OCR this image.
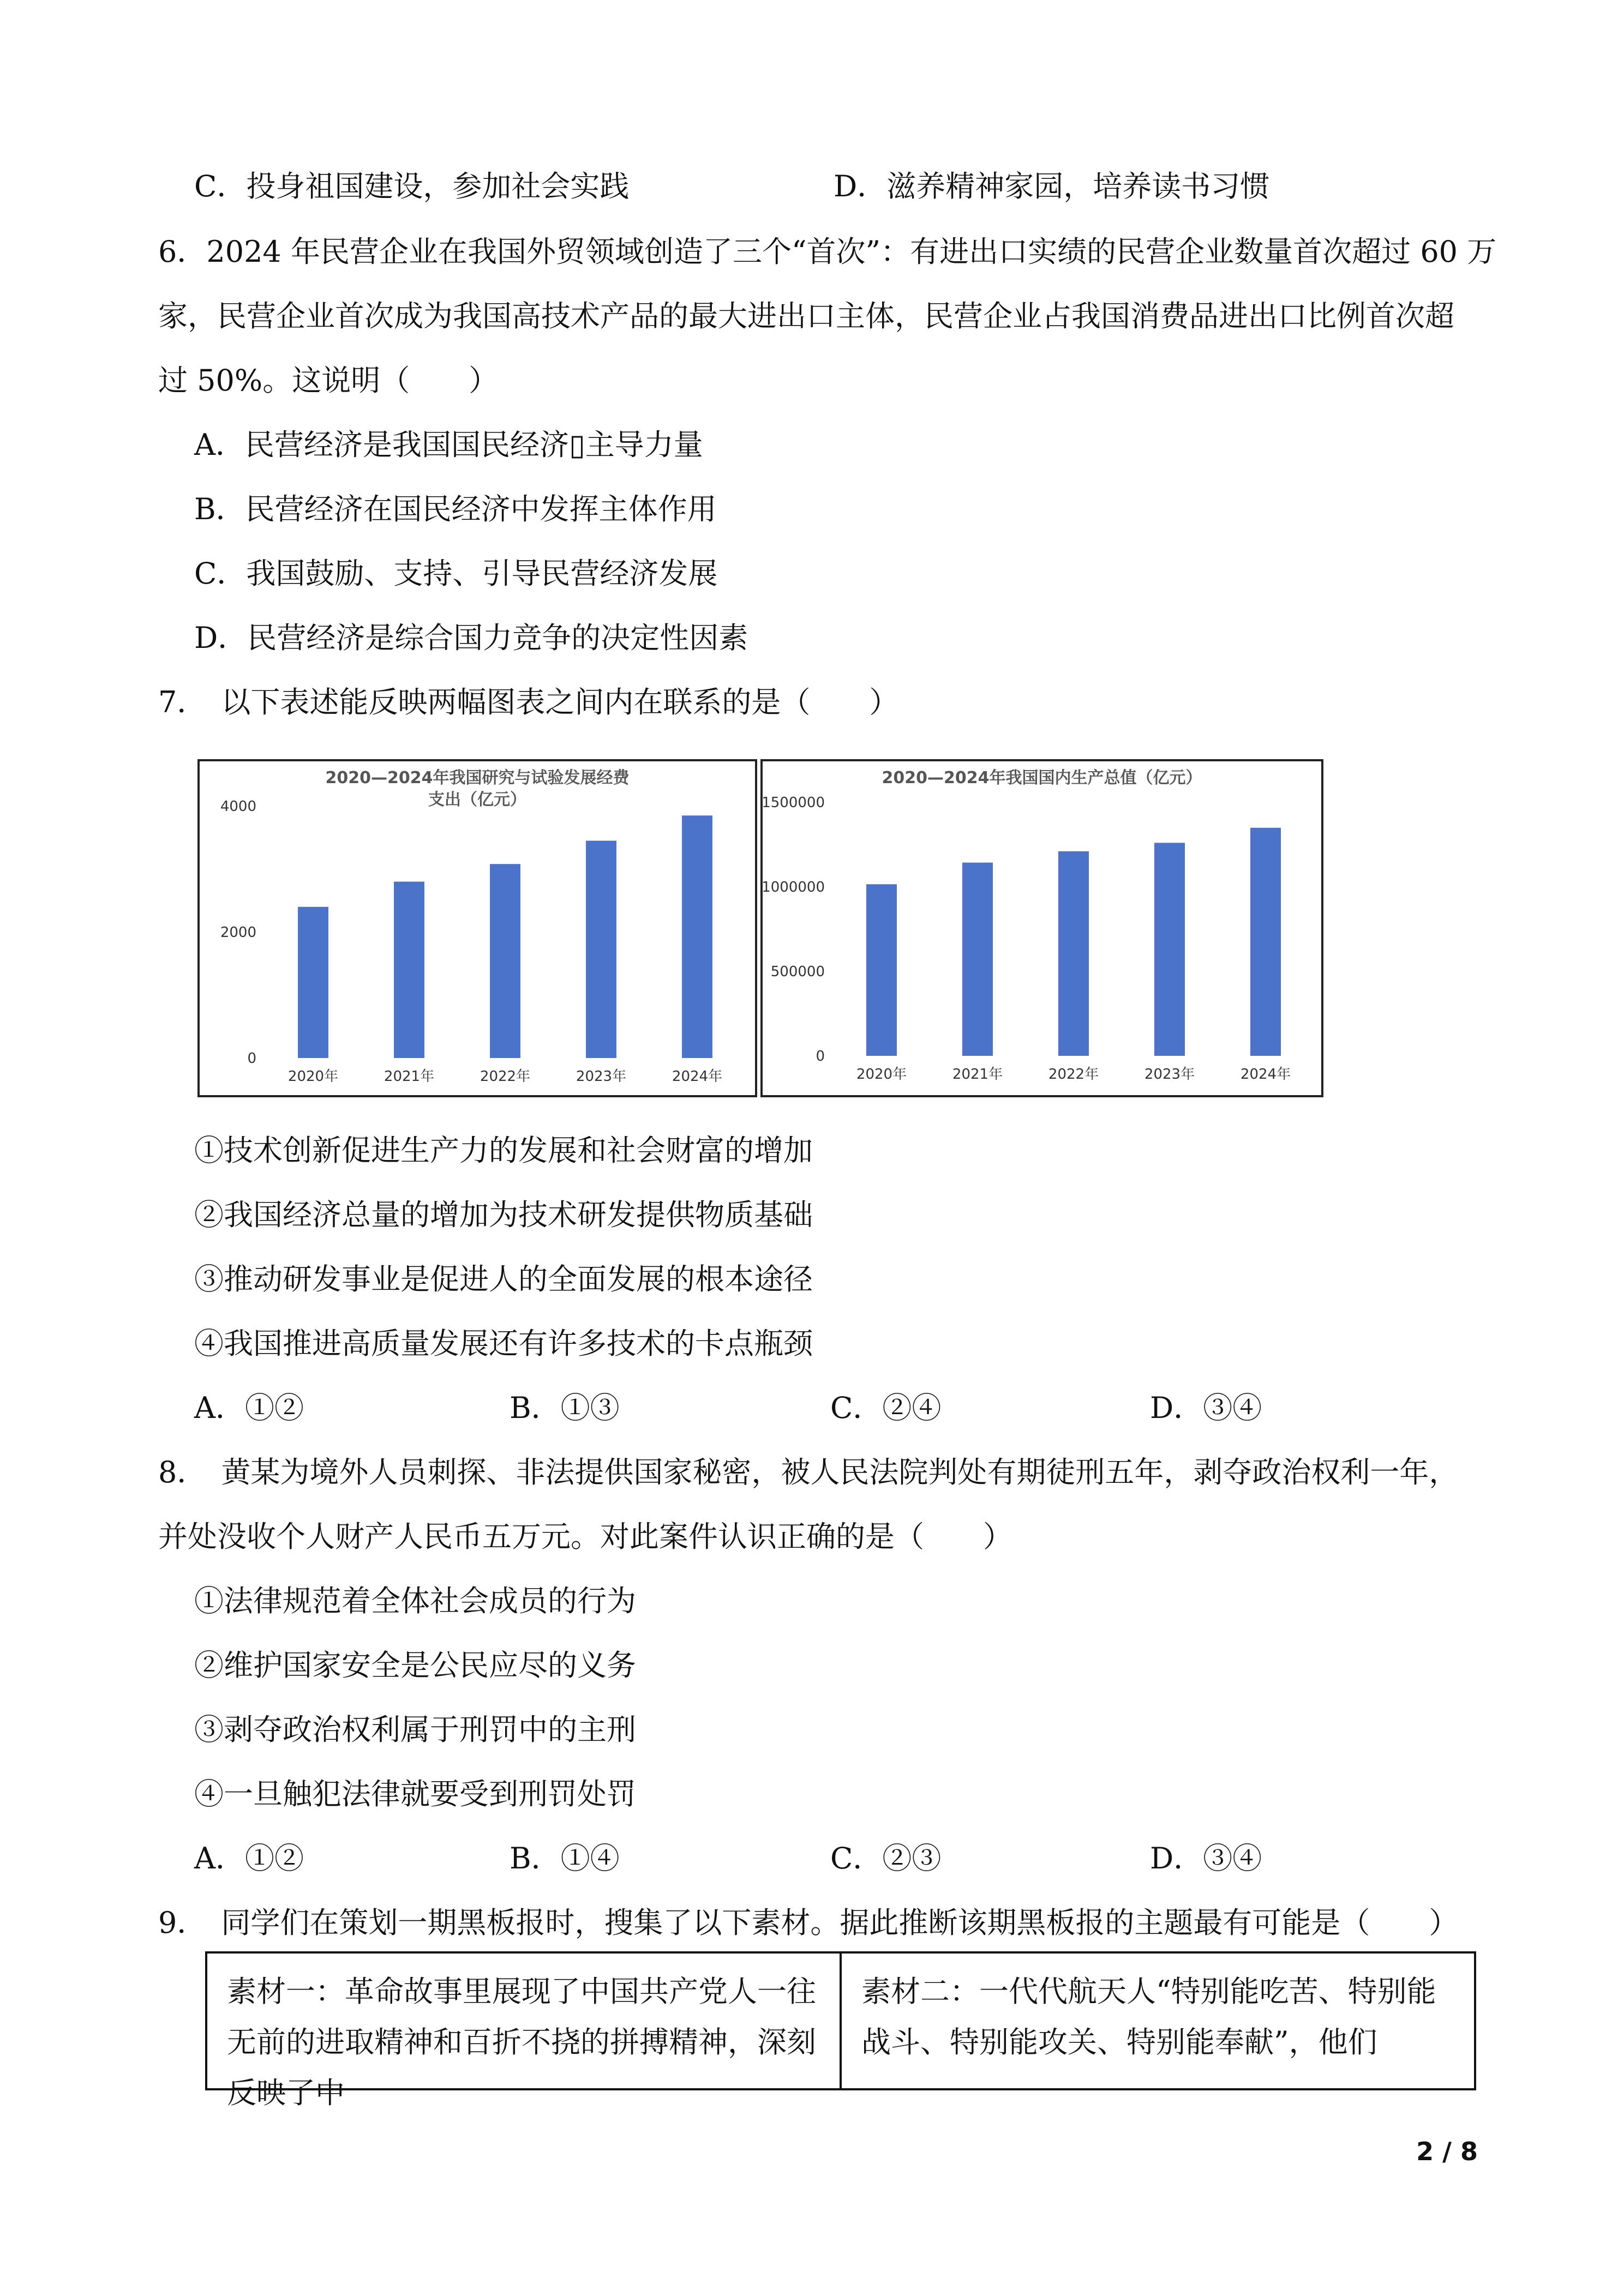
C．投身祖国建设，参加社会实践	D．滋养精神家园，培养读书习惯
6．2024 年民营企业在我国外贸领域创造了三个“首次”：有进出口实绩的民营企业数量首次超过 60 万
家，民营企业首次成为我国高技术产品的最大进出口主体，民营企业占我国消费品进出口比例首次超
过 50%。这说明（　　）
A．民营经济是我国国民经济▯主导力量
B．民营经济在国民经济中发挥主体作用
C．我国鼓励、支持、引导民营经济发展
D．民营经济是综合国力竞争的决定性因素
7．　以下表述能反映两幅图表之间内在联系的是（　　）
2020—2024年我国研究与试验发展经费
支出（亿元）
0
2000
4000
2020年	2021年	2022年	2023年	2024年
2020—2024年我国国内生产总值（亿元）
0
500000
1000000
1500000
2020年	2021年	2022年	2023年	2024年
①技术创新促进生产力的发展和社会财富的增加
②我国经济总量的增加为技术研发提供物质基础
③推动研发事业是促进人的全面发展的根本途径
④我国推进高质量发展还有许多技术的卡点瓶颈
A．①②	B．①③	C．②④	D．③④
8．　黄某为境外人员刺探、非法提供国家秘密，被人民法院判处有期徒刑五年，剥夺政治权利一年，
并处没收个人财产人民币五万元。对此案件认识正确的是（　　）
①法律规范着全体社会成员的行为
②维护国家安全是公民应尽的义务
③剥夺政治权利属于刑罚中的主刑
④一旦触犯法律就要受到刑罚处罚
A．①②	B．①④	C．②③	D．③④
9．　同学们在策划一期黑板报时，搜集了以下素材。据此推断该期黑板报的主题最有可能是（　　）
素材一：革命故事里展现了中国共产党人一往无前的进取精神和百折不挠的拼搏精神，深刻反映了中
素材二：一代代航天人“特别能吃苦、特别能战斗、特别能攻关、特别能奉献”，他们
2 / 8
